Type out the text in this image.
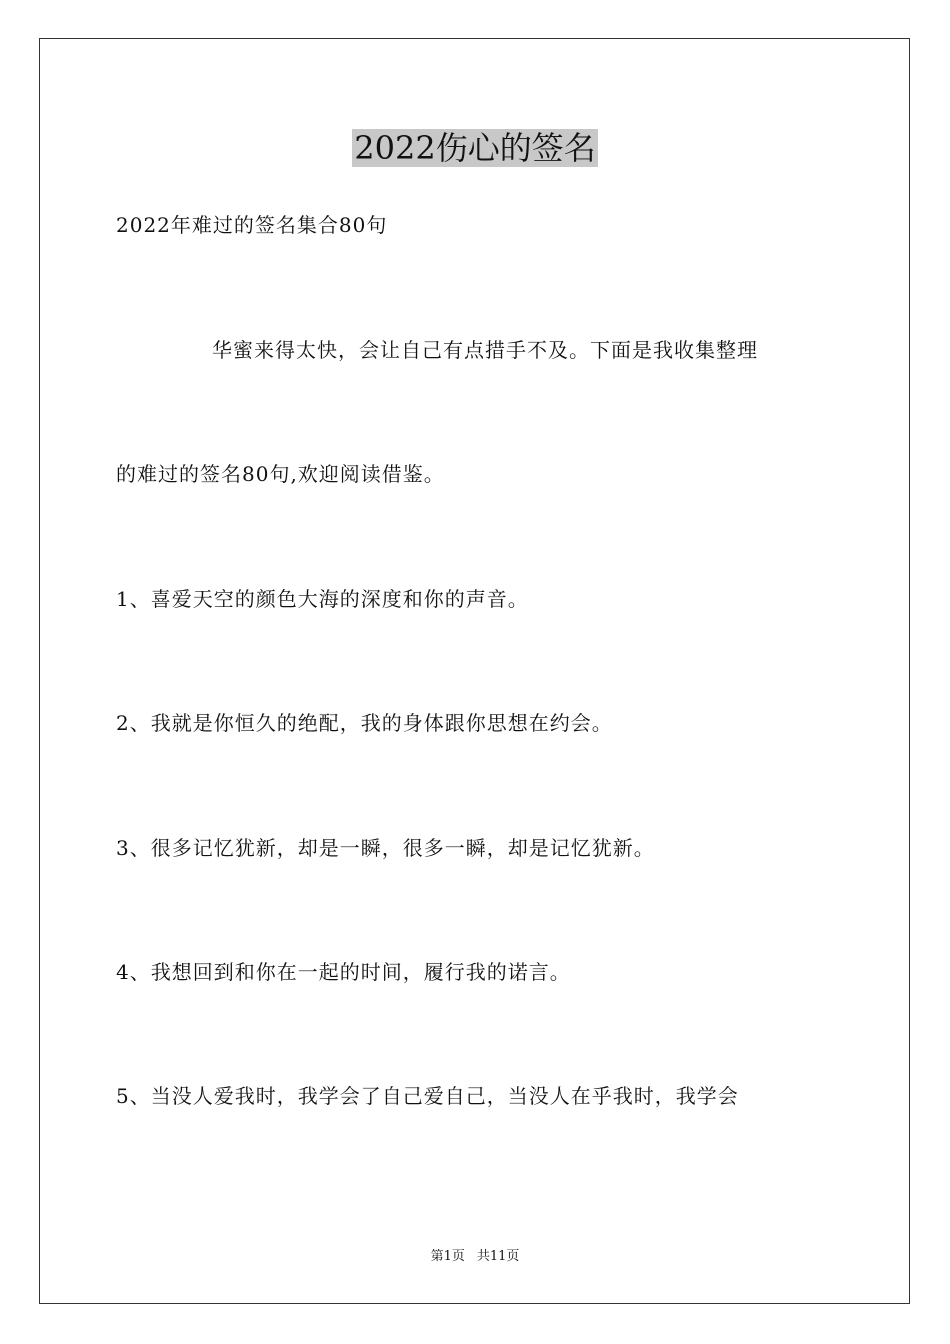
2022伤心的签名
2022年难过的签名集合80句
华蜜来得太快，会让自己有点措手不及。下面是我收集整理
的难过的签名80句,欢迎阅读借鉴。
1、喜爱天空的颜色大海的深度和你的声音。
2、我就是你恒久的绝配，我的身体跟你思想在约会。
3、很多记忆犹新，却是一瞬，很多一瞬，却是记忆犹新。
4、我想回到和你在一起的时间，履行我的诺言。
5、当没人爱我时，我学会了自己爱自己，当没人在乎我时，我学会
第1页 共11页
